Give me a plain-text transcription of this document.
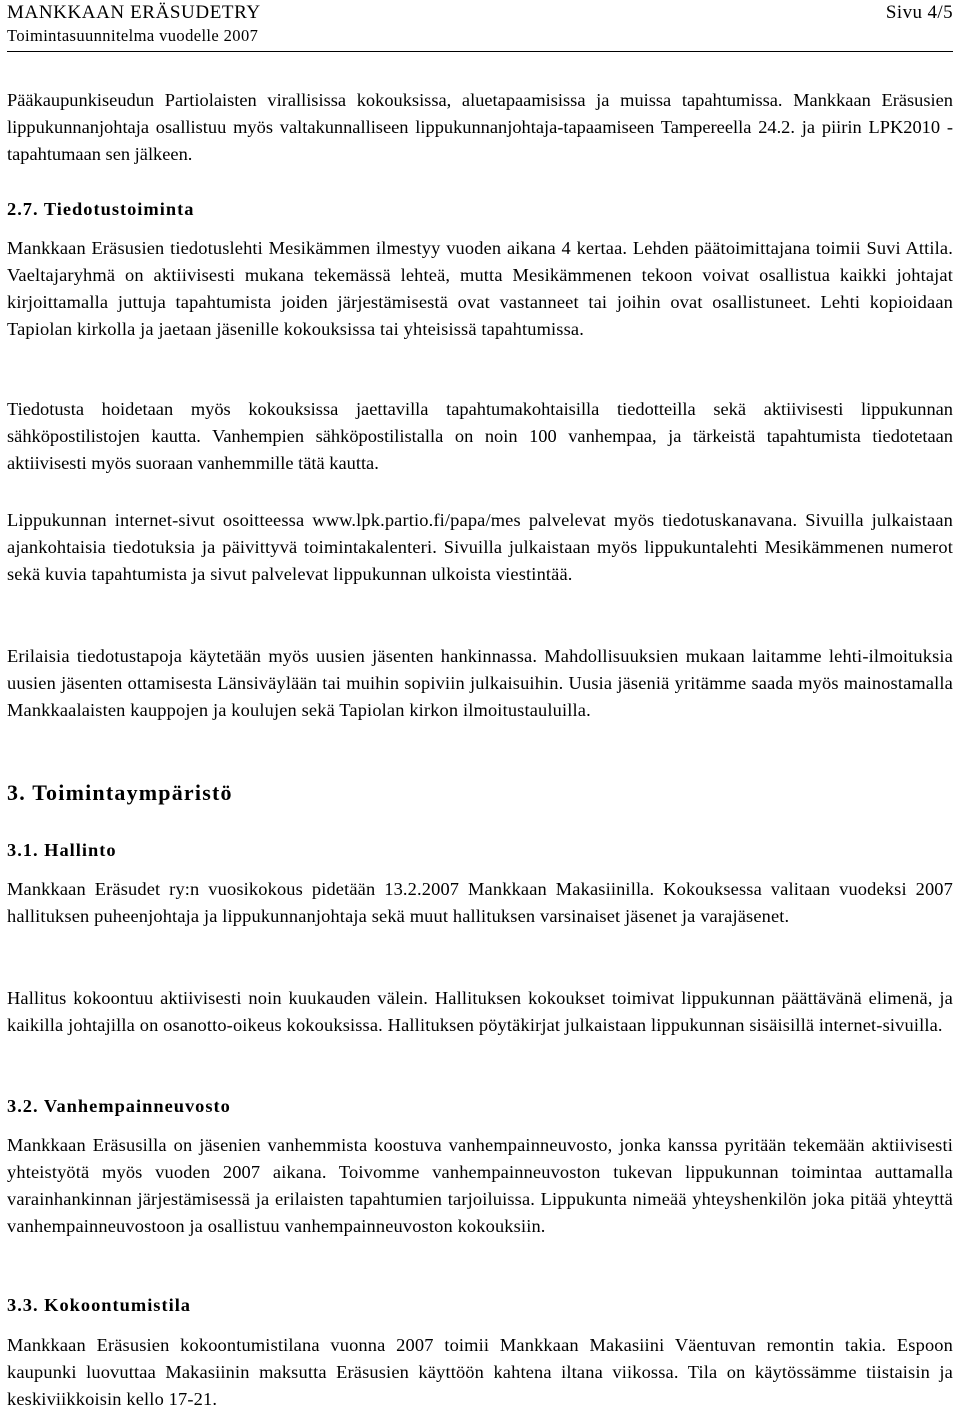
MANKKAAN ERÄSUDETRY
Toimintasuunnitelma vuodelle 2007
Sivu 4/5

Pääkaupunkiseudun Partiolaisten virallisissa kokouksissa, aluetapaamisissa ja muissa tapahtumissa. Mankkaan Eräsusien lippukunnanjohtaja osallistuu myös valtakunnalliseen lippukunnanjohtaja-tapaamiseen Tampereella 24.2. ja piirin LPK2010 -tapahtumaan sen jälkeen.

2.7. Tiedotustoiminta

Mankkaan Eräsusien tiedotuslehti Mesikämmen ilmestyy vuoden aikana 4 kertaa. Lehden päätoimittajana toimii Suvi Attila. Vaeltajaryhmä on aktiivisesti mukana tekemässä lehteä, mutta Mesikämmenen tekoon voivat osallistua kaikki johtajat kirjoittamalla juttuja tapahtumista joiden järjestämisestä ovat vastanneet tai joihin ovat osallistuneet. Lehti kopioidaan Tapiolan kirkolla ja jaetaan jäsenille kokouksissa tai yhteisissä tapahtumissa.

Tiedotusta hoidetaan myös kokouksissa jaettavilla tapahtumakohtaisilla tiedotteilla sekä aktiivisesti lippukunnan sähköpostilistojen kautta. Vanhempien sähköpostilistalla on noin 100 vanhempaa, ja tärkeistä tapahtumista tiedotetaan aktiivisesti myös suoraan vanhemmille tätä kautta.

Lippukunnan internet-sivut osoitteessa www.lpk.partio.fi/papa/mes palvelevat myös tiedotuskanavana. Sivuilla julkaistaan ajankohtaisia tiedotuksia ja päivittyvä toimintakalenteri. Sivuilla julkaistaan myös lippukuntalehti Mesikämmenen numerot sekä kuvia tapahtumista ja sivut palvelevat lippukunnan ulkoista viestintää.

Erilaisia tiedotustapoja käytetään myös uusien jäsenten hankinnassa. Mahdollisuuksien mukaan laitamme lehti-ilmoituksia uusien jäsenten ottamisesta Länsiväylään tai muihin sopiviin julkaisuihin. Uusia jäseniä yritämme saada myös mainostamalla Mankkaalaisten kauppojen ja koulujen sekä Tapiolan kirkon ilmoitustauluilla.

3. Toimintaympäristö
3.1. Hallinto

Mankkaan Eräsudet ry:n vuosikokous pidetään 13.2.2007 Mankkaan Makasiinilla. Kokouksessa valitaan vuodeksi 2007 hallituksen puheenjohtaja ja lippukunnanjohtaja sekä muut hallituksen varsinaiset jäsenet ja varajäsenet.

Hallitus kokoontuu aktiivisesti noin kuukauden välein. Hallituksen kokoukset toimivat lippukunnan päättävänä elimenä, ja kaikilla johtajilla on osanotto-oikeus kokouksissa. Hallituksen pöytäkirjat julkaistaan lippukunnan sisäisillä internet-sivuilla.

3.2. Vanhempainneuvosto

Mankkaan Eräsusilla on jäsenien vanhemmista koostuva vanhempainneuvosto, jonka kanssa pyritään tekemään aktiivisesti yhteistyötä myös vuoden 2007 aikana. Toivomme vanhempainneuvoston tukevan lippukunnan toimintaa auttamalla varainhankinnan järjestämisessä ja erilaisten tapahtumien tarjoiluissa. Lippukunta nimeää yhteyshenkilön joka pitää yhteyttä vanhempainneuvostoon ja osallistuu vanhempainneuvoston kokouksiin.

3.3. Kokoontumistila

Mankkaan Eräsusien kokoontumistilana vuonna 2007 toimii Mankkaan Makasiini Väentuvan remontin takia. Espoon kaupunki luovuttaa Makasiinin maksutta Eräsusien käyttöön kahtena iltana viikossa. Tila on käytössämme tiistaisin ja keskiviikkoisin kello 17-21.
